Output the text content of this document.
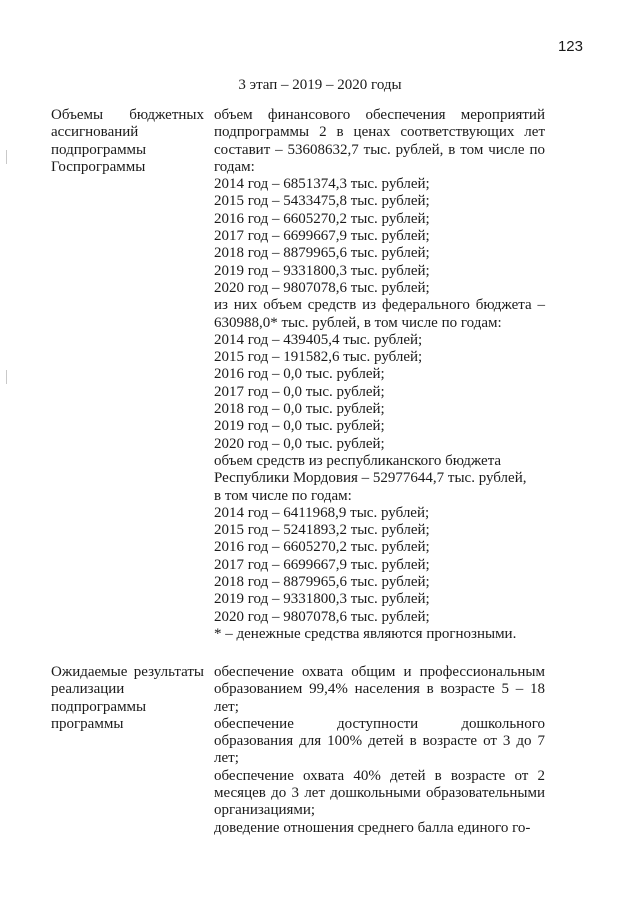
123
3 этап – 2019 – 2020 годы
Объемы бюджетных ассигнований подпрограммы Госпрограммы
объем финансового обеспечения мероприятий подпрограммы 2 в ценах соответствующих лет составит – 53608632,7 тыс. рублей, в том числе по годам:
2014 год – 6851374,3 тыс. рублей;
2015 год – 5433475,8 тыс. рублей;
2016 год – 6605270,2 тыс. рублей;
2017 год – 6699667,9 тыс. рублей;
2018 год – 8879965,6 тыс. рублей;
2019 год – 9331800,3 тыс. рублей;
2020 год – 9807078,6 тыс. рублей;
из них объем средств из федерального бюджета – 630988,0* тыс. рублей, в том числе по годам:
2014 год – 439405,4 тыс. рублей;
2015 год – 191582,6 тыс. рублей;
2016 год – 0,0 тыс. рублей;
2017 год – 0,0 тыс. рублей;
2018 год – 0,0 тыс. рублей;
2019 год – 0,0 тыс. рублей;
2020 год – 0,0 тыс. рублей;
объем средств из республиканского бюджета
Республики Мордовия – 52977644,7 тыс. рублей,
в том числе по годам:
2014 год – 6411968,9 тыс. рублей;
2015 год – 5241893,2 тыс. рублей;
2016 год – 6605270,2 тыс. рублей;
2017 год – 6699667,9 тыс. рублей;
2018 год – 8879965,6 тыс. рублей;
2019 год – 9331800,3 тыс. рублей;
2020 год – 9807078,6 тыс. рублей;
* – денежные средства являются прогнозными.
Ожидаемые результаты реализации подпрограммы программы
обеспечение охвата общим и профессиональным образованием 99,4% населения в возрасте 5 – 18 лет;
обеспечение доступности дошкольного образования для 100% детей в возрасте от 3 до 7 лет;
обеспечение охвата 40% детей в возрасте от 2 месяцев до 3 лет дошкольными образовательными организациями;
доведение отношения среднего балла единого го-
